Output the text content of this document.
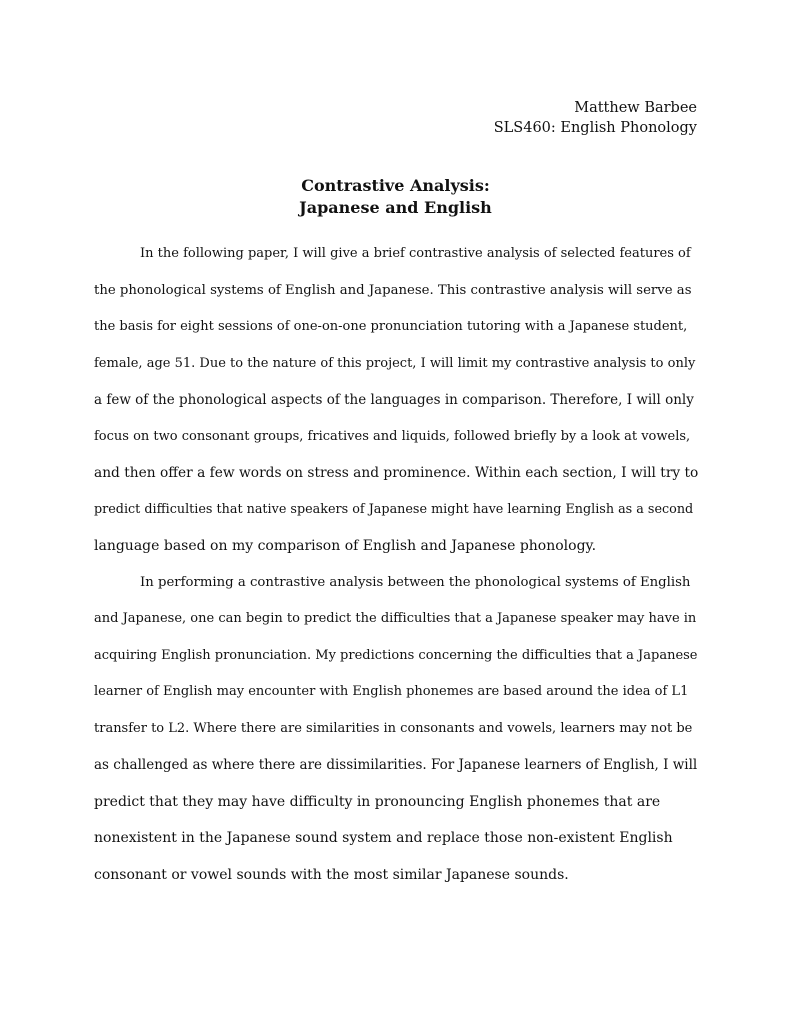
Matthew Barbee
SLS460: English Phonology
Contrastive Analysis:
Japanese and English
In the following paper, I will give a brief contrastive analysis of selected features of
the phonological systems of English and Japanese. This contrastive analysis will serve as
the basis for eight sessions of one-on-one pronunciation tutoring with a Japanese student,
female, age 51. Due to the nature of this project, I will limit my contrastive analysis to only
a few of the phonological aspects of the languages in comparison. Therefore, I will only
focus on two consonant groups, fricatives and liquids, followed briefly by a look at vowels,
and then offer a few words on stress and prominence. Within each section, I will try to
predict difficulties that native speakers of Japanese might have learning English as a second
language based on my comparison of English and Japanese phonology.
In performing a contrastive analysis between the phonological systems of English
and Japanese, one can begin to predict the difficulties that a Japanese speaker may have in
acquiring English pronunciation. My predictions concerning the difficulties that a Japanese
learner of English may encounter with English phonemes are based around the idea of L1
transfer to L2. Where there are similarities in consonants and vowels, learners may not be
as challenged as where there are dissimilarities. For Japanese learners of English, I will
predict that they may have difficulty in pronouncing English phonemes that are
nonexistent in the Japanese sound system and replace those non-existent English
consonant or vowel sounds with the most similar Japanese sounds.
